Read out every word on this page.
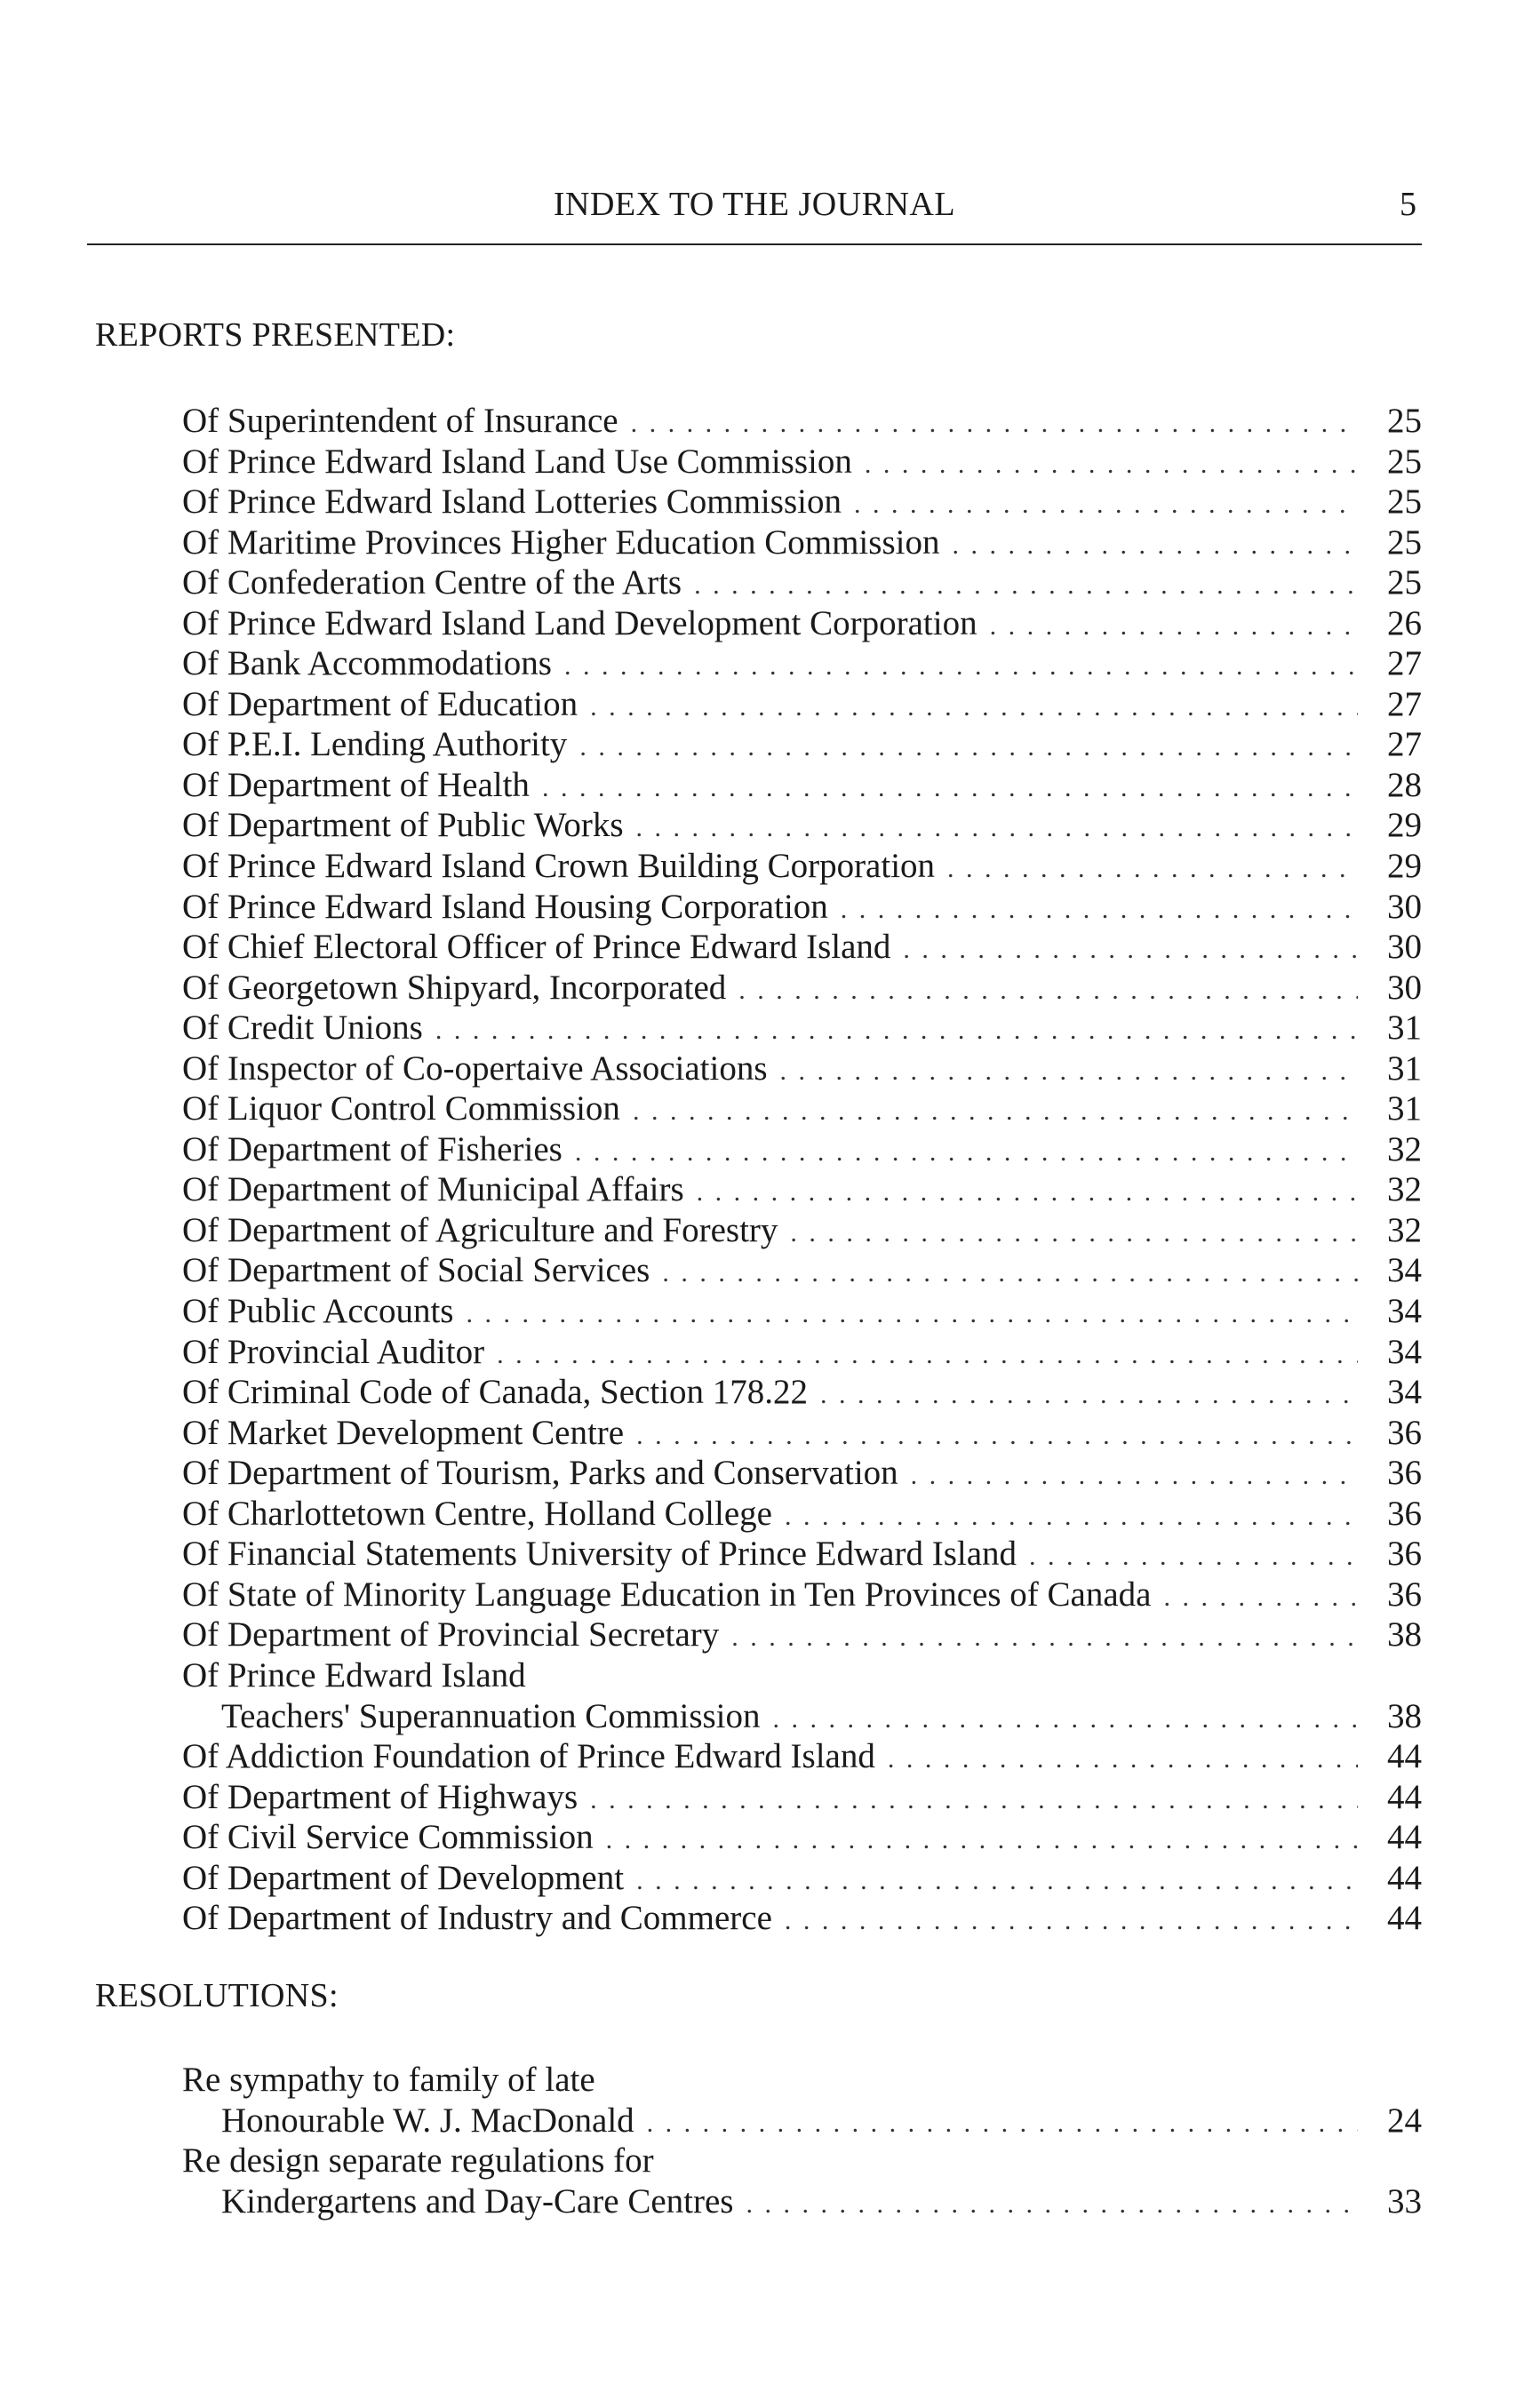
INDEX TO THE JOURNAL	5
REPORTS PRESENTED:
Of Superintendent of Insurance . . .	25
Of Prince Edward Island Land Use Commission . . .	25
Of Prince Edward Island Lotteries Commission . . .	25
Of Maritime Provinces Higher Education Commission . . .	25
Of Confederation Centre of the Arts . . .	25
Of Prince Edward Island Land Development Corporation . . .	26
Of Bank Accommodations . . .	27
Of Department of Education . . .	27
Of P.E.I. Lending Authority . . .	27
Of Department of Health . . .	28
Of Department of Public Works . . .	29
Of Prince Edward Island Crown Building Corporation . . .	29
Of Prince Edward Island Housing Corporation . . .	30
Of Chief Electoral Officer of Prince Edward Island . . .	30
Of Georgetown Shipyard, Incorporated . . .	30
Of Credit Unions . . .	31
Of Inspector of Co-opertaive Associations . . .	31
Of Liquor Control Commission . . .	31
Of Department of Fisheries . . .	32
Of Department of Municipal Affairs . . .	32
Of Department of Agriculture and Forestry . . .	32
Of Department of Social Services . . .	34
Of Public Accounts . . .	34
Of Provincial Auditor . . .	34
Of Criminal Code of Canada, Section 178.22 . . .	34
Of Market Development Centre . . .	36
Of Department of Tourism, Parks and Conservation . . .	36
Of Charlottetown Centre, Holland College . . .	36
Of Financial Statements University of Prince Edward Island . . .	36
Of State of Minority Language Education in Ten Provinces of Canada . . .	36
Of Department of Provincial Secretary . . .	38
Of Prince Edward Island
Teachers' Superannuation Commission . . .	38
Of Addiction Foundation of Prince Edward Island . . .	44
Of Department of Highways . . .	44
Of Civil Service Commission . . .	44
Of Department of Development . . .	44
Of Department of Industry and Commerce . . .	44
RESOLUTIONS:
Re sympathy to family of late
Honourable W. J. MacDonald . . .	24
Re design separate regulations for
Kindergartens and Day-Care Centres . . .	33
